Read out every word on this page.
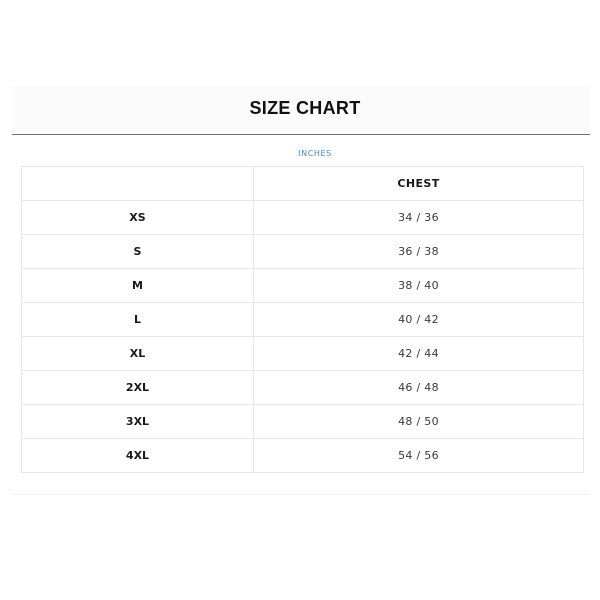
SIZE CHART
INCHES
	CHEST
XS	34 / 36
S	36 / 38
M	38 / 40
L	40 / 42
XL	42 / 44
2XL	46 / 48
3XL	48 / 50
4XL	54 / 56
